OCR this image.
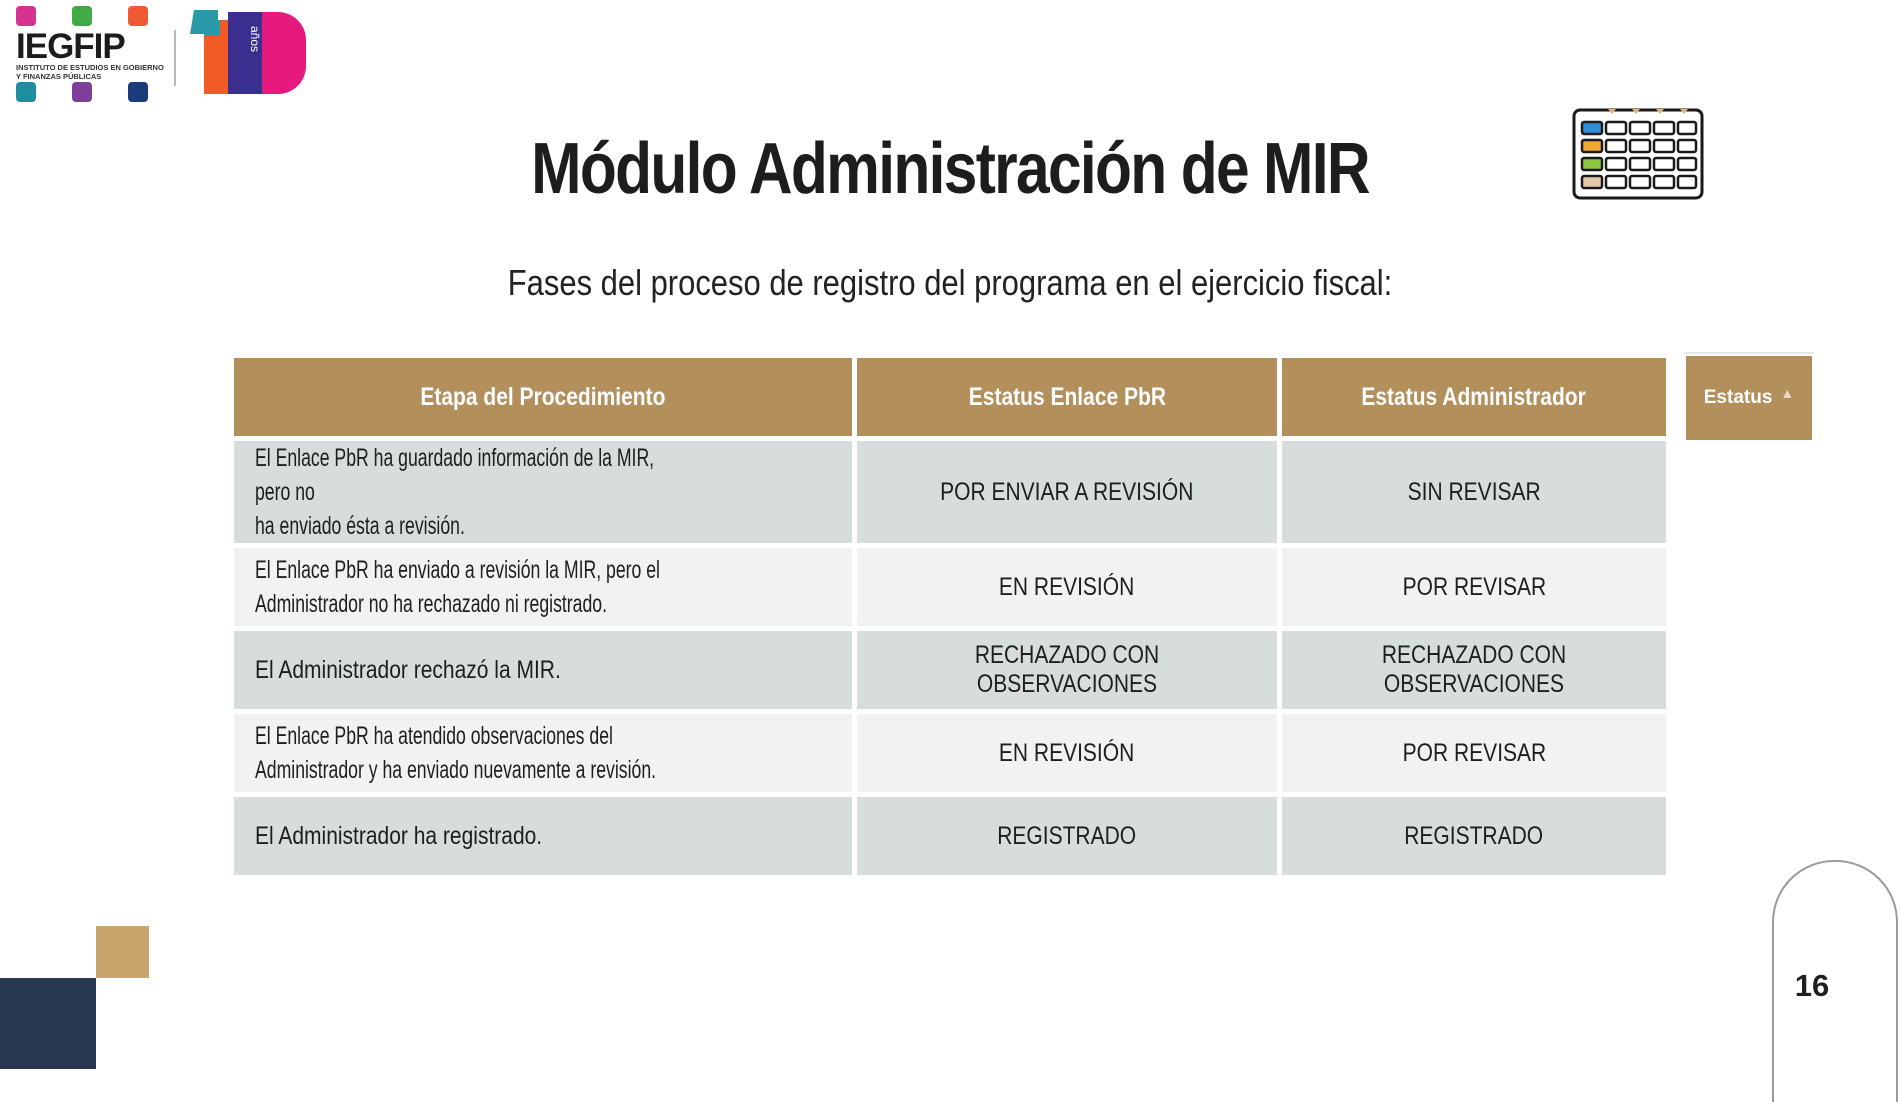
IEGFIP
INSTITUTO DE ESTUDIOS EN GOBIERNO Y FINANZAS PÚBLICAS
años
Módulo Administración de MIR
Fases del proceso de registro del programa en el ejercicio fiscal:
Etapa del Procedimiento	Estatus Enlace PbR	Estatus Administrador
El Enlace PbR ha guardado información de la MIR, pero no
ha enviado ésta a revisión.	POR ENVIAR A REVISIÓN	SIN REVISAR
El Enlace PbR ha enviado a revisión la MIR, pero el
Administrador no ha rechazado ni registrado.	EN REVISIÓN	POR REVISAR
El Administrador rechazó la MIR.	RECHAZADO CON OBSERVACIONES	RECHAZADO CON OBSERVACIONES
El Enlace PbR ha atendido observaciones del
Administrador y ha enviado nuevamente a revisión.	EN REVISIÓN	POR REVISAR
El Administrador ha registrado.	REGISTRADO	REGISTRADO
Estatus ▲
16
